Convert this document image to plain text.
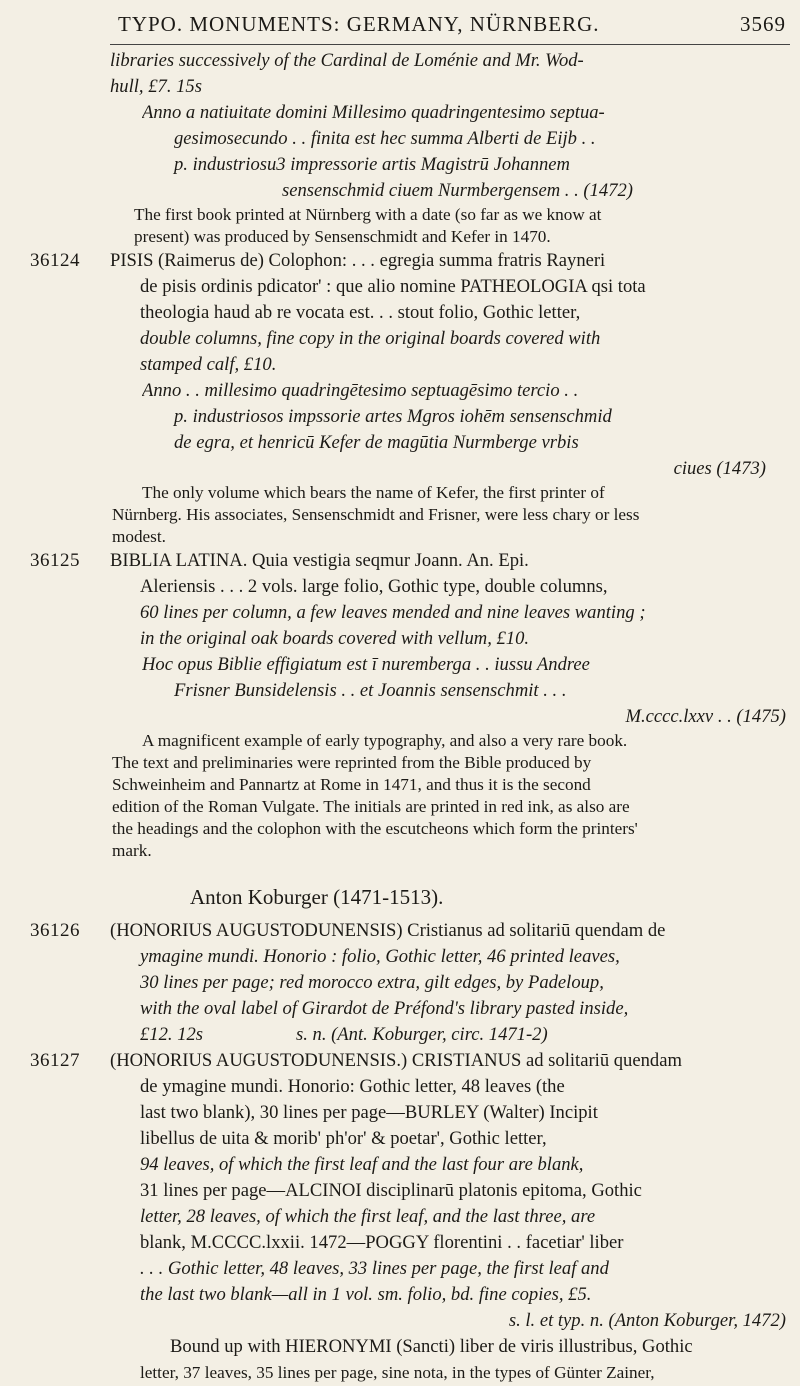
TYPO. MONUMENTS: GERMANY, NÜRNBERG.	3569
libraries successively of the Cardinal de Loménie and Mr. Wod-
hull, £7. 15s
Anno a natiuitate domini Millesimo quadringentesimo septua-
gesimosecundo . . finita est hec summa Alberti de Eijb . .
p. industriosu3 impressorie artis Magistrū Johannem
sensenschmid ciuem Nurmbergensem . . (1472)
The first book printed at Nürnberg with a date (so far as we know at
present) was produced by Sensenschmidt and Kefer in 1470.
36124 PISIS (Raimerus de) Colophon: . . . egregia summa fratris Rayneri
de pisis ordinis pdicator' : que alio nomine PATHEOLOGIA qsi tota
theologia haud ab re vocata est. . . stout folio, Gothic letter,
double columns, fine copy in the original boards covered with
stamped calf, £10.
Anno . . millesimo quadringētesimo septuagēsimo tercio . .
p. industriosos impssorie artes Mgros iohēm sensenschmid
de egra, et henricū Kefer de magūtia Nurmberge vrbis
ciues (1473)
The only volume which bears the name of Kefer, the first printer of
Nürnberg. His associates, Sensenschmidt and Frisner, were less chary or less
modest.
36125 BIBLIA LATINA. Quia vestigia seqmur Joann. An. Epi.
Aleriensis . . . 2 vols. large folio, Gothic type, double columns,
60 lines per column, a few leaves mended and nine leaves wanting ;
in the original oak boards covered with vellum, £10.
Hoc opus Biblie effigiatum est ī nuremberga . . iussu Andree
Frisner Bunsidelensis . . et Joannis sensenschmit . . .
M.cccc.lxxv . . (1475)
A magnificent example of early typography, and also a very rare book.
The text and preliminaries were reprinted from the Bible produced by
Schweinheim and Pannartz at Rome in 1471, and thus it is the second
edition of the Roman Vulgate. The initials are printed in red ink, as also are
the headings and the colophon with the escutcheons which form the printers'
mark.
Anton Koburger (1471-1513).
36126 (HONORIUS AUGUSTODUNENSIS) Cristianus ad solitariū quendam de
ymagine mundi. Honorio : folio, Gothic letter, 46 printed leaves,
30 lines per page; red morocco extra, gilt edges, by Padeloup,
with the oval label of Girardot de Préfond's library pasted inside,
£12. 12s                    s. n. (Ant. Koburger, circ. 1471-2)
36127 (HONORIUS AUGUSTODUNENSIS.) CRISTIANUS ad solitariū quendam
de ymagine mundi. Honorio: Gothic letter, 48 leaves (the
last two blank), 30 lines per page—BURLEY (Walter) Incipit
libellus de uita & morib' ph'or' & poetar', Gothic letter,
94 leaves, of which the first leaf and the last four are blank,
31 lines per page—ALCINOI disciplinarū platonis epitoma, Gothic
letter, 28 leaves, of which the first leaf, and the last three, are
blank, M.CCCC.lxxii. 1472—POGGY florentini . . facetiar' liber
. . . Gothic letter, 48 leaves, 33 lines per page, the first leaf and
the last two blank—all in 1 vol. sm. folio, bd. fine copies, £5.
s. l. et typ. n. (Anton Koburger, 1472)
Bound up with HIERONYMI (Sancti) liber de viris illustribus, Gothic
letter, 37 leaves, 35 lines per page, sine nota, in the types of Günter Zainer,
